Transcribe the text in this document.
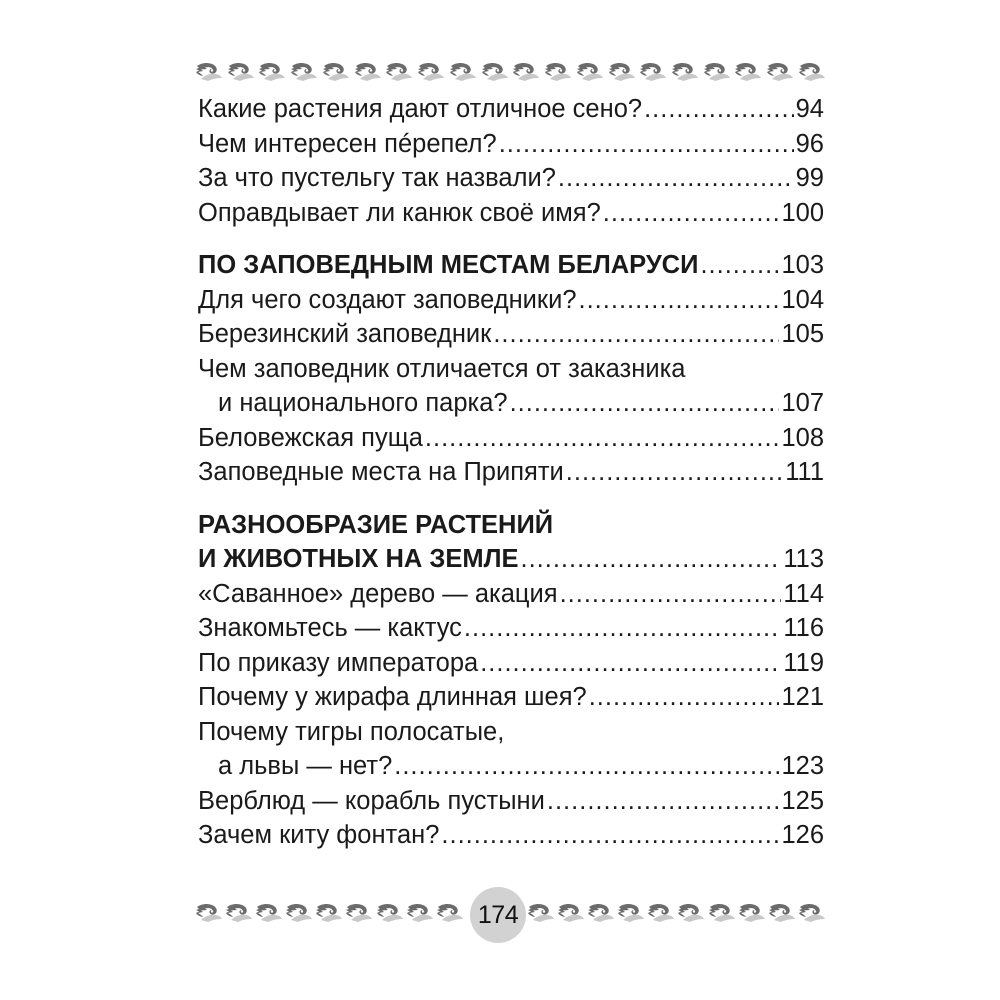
Какие растения дают отличное сено? .....	94
Чем интересен пéрепел? .....	96
За что пустельгу так назвали? .....	99
Оправдывает ли канюк своё имя? .....	100
ПО ЗАПОВЕДНЫМ МЕСТАМ БЕЛАРУСИ .....	103
Для чего создают заповедники? .....	104
Березинский заповедник .....	105
Чем заповедник отличается от заказника
и национального парка? .....	107
Беловежская пуща .....	108
Заповедные места на Припяти .....	111
РАЗНООБРАЗИЕ РАСТЕНИЙ
И ЖИВОТНЫХ НА ЗЕМЛЕ .....	113
«Саванное» дерево — акация .....	114
Знакомьтесь — кактус .....	116
По приказу императора .....	119
Почему у жирафа длинная шея? .....	121
Почему тигры полосатые,
а львы — нет? .....	123
Верблюд — корабль пустыни .....	125
Зачем киту фонтан? .....	126
174
